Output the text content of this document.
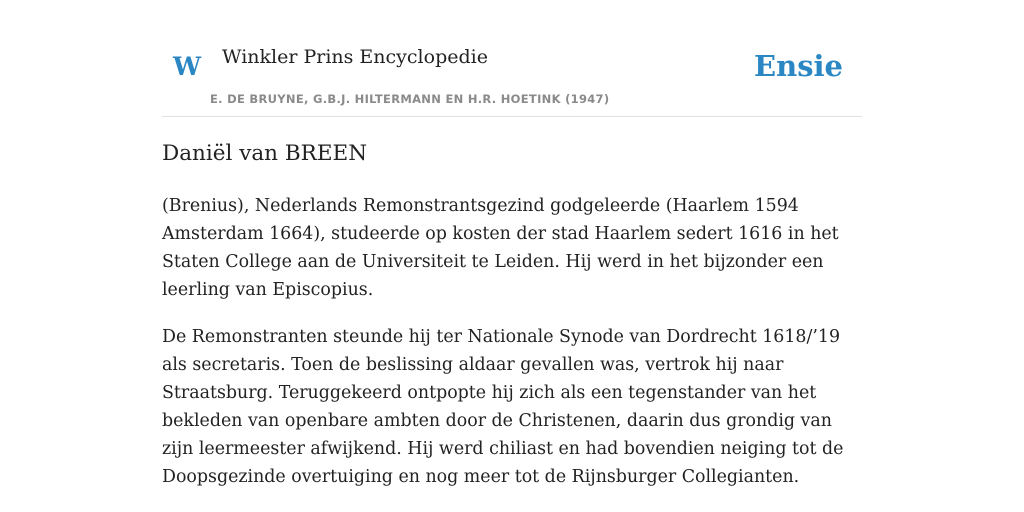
W Winkler Prins Encyclopedie
E. DE BRUYNE, G.B.J. HILTERMANN EN H.R. HOETINK (1947)
Ensie
Daniël van BREEN

(Brenius), Nederlands Remonstrantsgezind godgeleerde (Haarlem 1594 Amsterdam 1664), studeerde op kosten der stad Haarlem sedert 1616 in het Staten College aan de Universiteit te Leiden. Hij werd in het bijzonder een leerling van Episcopius.

De Remonstranten steunde hij ter Nationale Synode van Dordrecht 1618/’19 als secretaris. Toen de beslissing aldaar gevallen was, vertrok hij naar Straatsburg. Teruggekeerd ontpopte hij zich als een tegenstander van het bekleden van openbare ambten door de Christenen, daarin dus grondig van zijn leermeester afwijkend. Hij werd chiliast en had bovendien neiging tot de Doopsgezinde overtuiging en nog meer tot de Rijnsburger Collegianten.
